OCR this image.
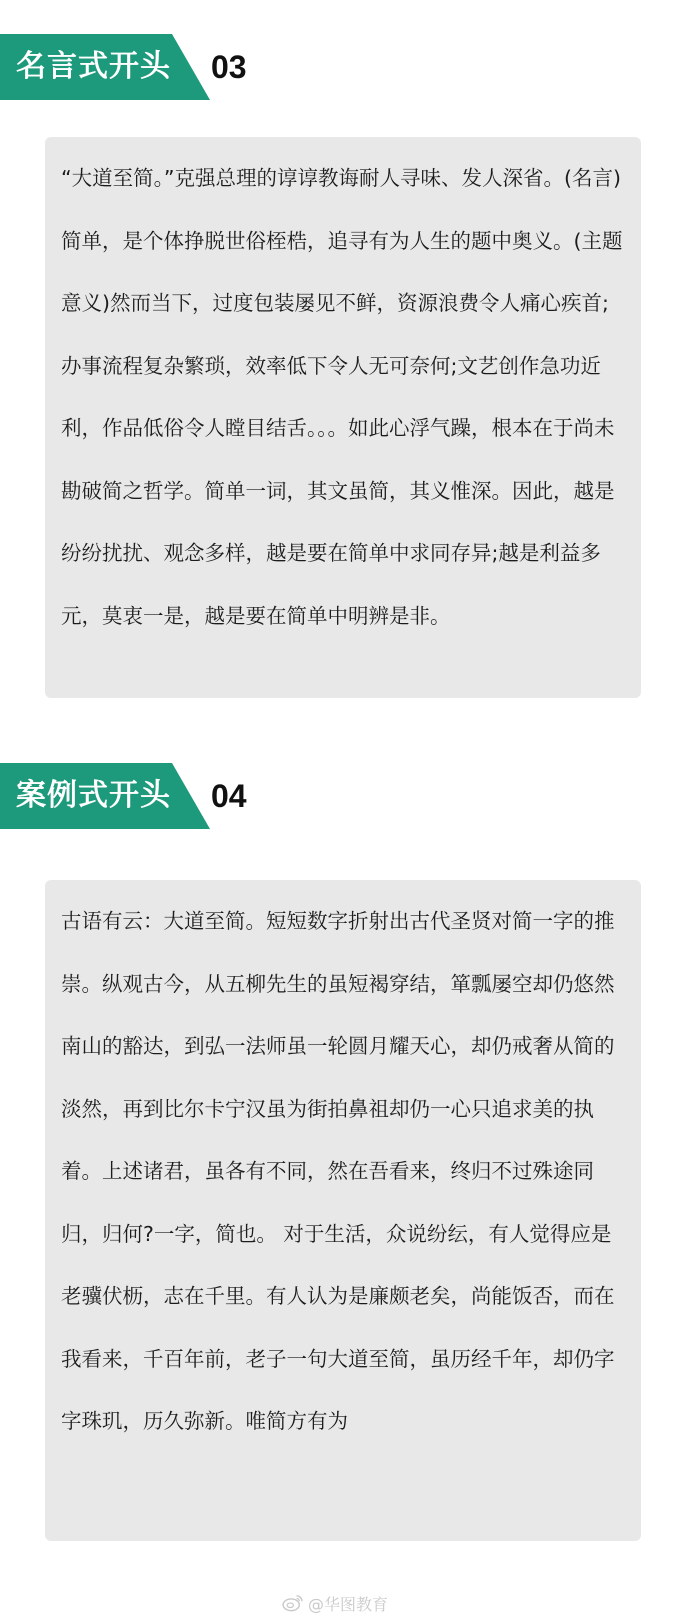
名言式开头 03

“大道至简。”克强总理的谆谆教诲耐人寻味、发人深省。(名言)简单，是个体挣脱世俗桎梏，追寻有为人生的题中奥义。(主题意义)然而当下，过度包装屡见不鲜，资源浪费令人痛心疾首;办事流程复杂繁琐，效率低下令人无可奈何;文艺创作急功近利，作品低俗令人瞠目结舌。。。如此心浮气躁，根本在于尚未勘破简之哲学。简单一词，其文虽简，其义惟深。因此，越是纷纷扰扰、观念多样，越是要在简单中求同存异;越是利益多元，莫衷一是，越是要在简单中明辨是非。

案例式开头 04

古语有云：大道至简。短短数字折射出古代圣贤对简一字的推崇。纵观古今，从五柳先生的虽短褐穿结，箪瓢屡空却仍悠然南山的豁达，到弘一法师虽一轮圆月耀天心，却仍戒奢从简的淡然，再到比尔卡宁汉虽为街拍鼻祖却仍一心只追求美的执着。上述诸君，虽各有不同，然在吾看来，终归不过殊途同归，归何?一字，简也。 对于生活，众说纷纭，有人觉得应是老骥伏枥，志在千里。有人认为是廉颇老矣，尚能饭否，而在我看来，千百年前，老子一句大道至简，虽历经千年，却仍字字珠玑，历久弥新。唯简方有为

@华图教育
